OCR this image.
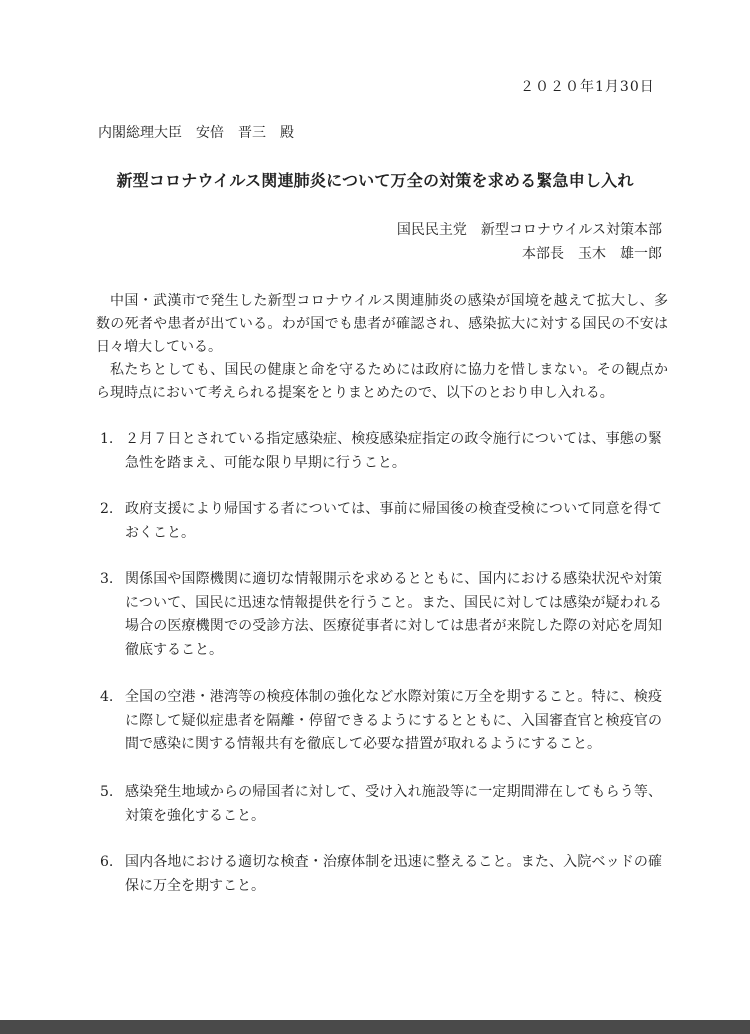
２０２０年1月30日
内閣総理大臣　安倍　晋三　殿
新型コロナウイルス関連肺炎について万全の対策を求める緊急申し入れ
国民民主党　新型コロナウイルス対策本部
本部長　玉木　雄一郎

中国・武漢市で発生した新型コロナウイルス関連肺炎の感染が国境を越えて拡大し、多数の死者や患者が出ている。わが国でも患者が確認され、感染拡大に対する国民の不安は日々増大している。

私たちとしても、国民の健康と命を守るためには政府に協力を惜しまない。その観点から現時点において考えられる提案をとりまとめたので、以下のとおり申し入れる。

1. ２月７日とされている指定感染症、検疫感染症指定の政令施行については、事態の緊急性を踏まえ、可能な限り早期に行うこと。
2. 政府支援により帰国する者については、事前に帰国後の検査受検について同意を得ておくこと。
3. 関係国や国際機関に適切な情報開示を求めるとともに、国内における感染状況や対策について、国民に迅速な情報提供を行うこと。また、国民に対しては感染が疑われる場合の医療機関での受診方法、医療従事者に対しては患者が来院した際の対応を周知徹底すること。
4. 全国の空港・港湾等の検疫体制の強化など水際対策に万全を期すること。特に、検疫に際して疑似症患者を隔離・停留できるようにするとともに、入国審査官と検疫官の間で感染に関する情報共有を徹底して必要な措置が取れるようにすること。
5. 感染発生地域からの帰国者に対して、受け入れ施設等に一定期間滞在してもらう等、対策を強化すること。
6. 国内各地における適切な検査・治療体制を迅速に整えること。また、入院ベッドの確保に万全を期すこと。
